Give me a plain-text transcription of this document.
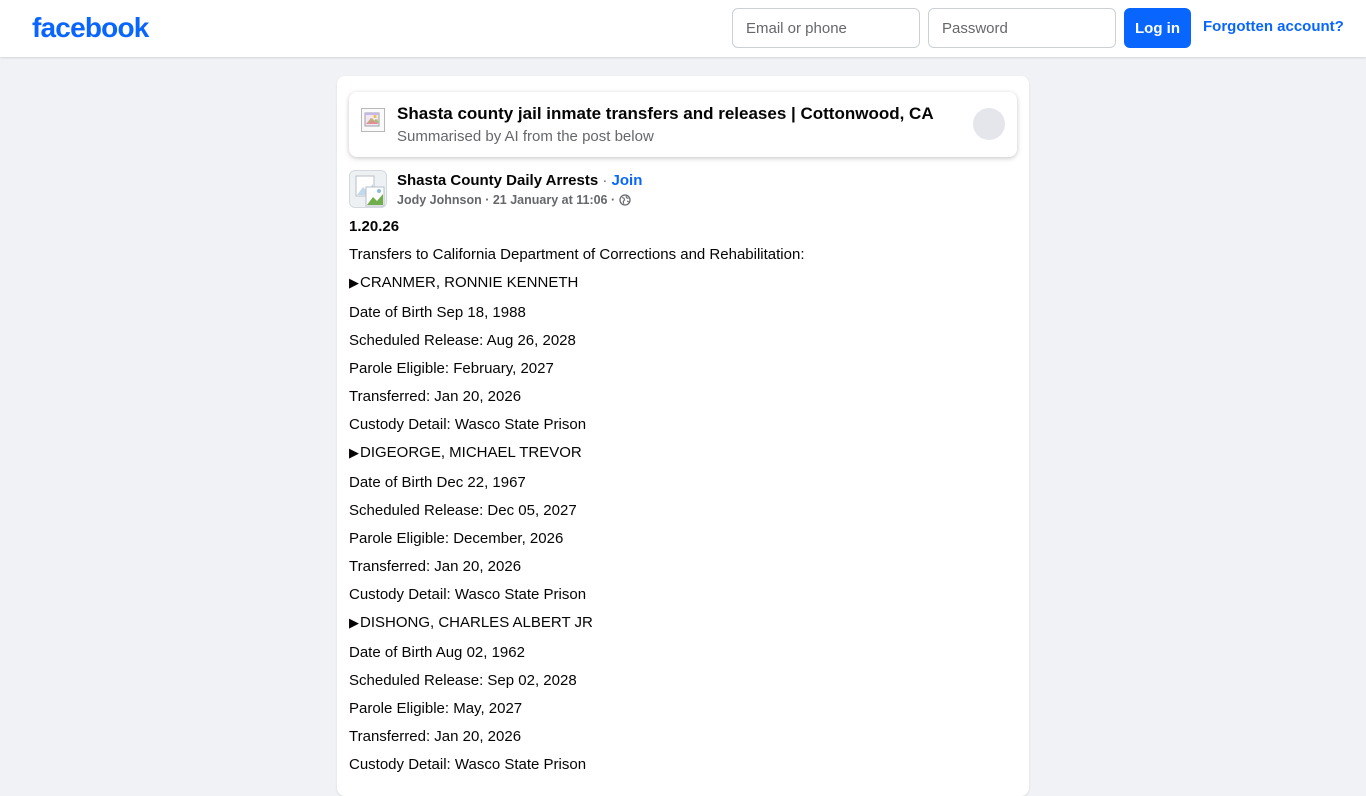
facebook
Email or phone	Log in	Forgotten account?
Shasta county jail inmate transfers and releases | Cottonwood, CA
Summarised by AI from the post below
Shasta County Daily Arrests · Join
Jody Johnson · 21 January at 11:06 ·
1.20.26
Transfers to California Department of Corrections and Rehabilitation:
▶CRANMER, RONNIE KENNETH
Date of Birth Sep 18, 1988
Scheduled Release: Aug 26, 2028
Parole Eligible: February, 2027
Transferred: Jan 20, 2026
Custody Detail: Wasco State Prison
▶DIGEORGE, MICHAEL TREVOR
Date of Birth Dec 22, 1967
Scheduled Release: Dec 05, 2027
Parole Eligible: December, 2026
Transferred: Jan 20, 2026
Custody Detail: Wasco State Prison
▶DISHONG, CHARLES ALBERT JR
Date of Birth Aug 02, 1962
Scheduled Release: Sep 02, 2028
Parole Eligible: May, 2027
Transferred: Jan 20, 2026
Custody Detail: Wasco State Prison
